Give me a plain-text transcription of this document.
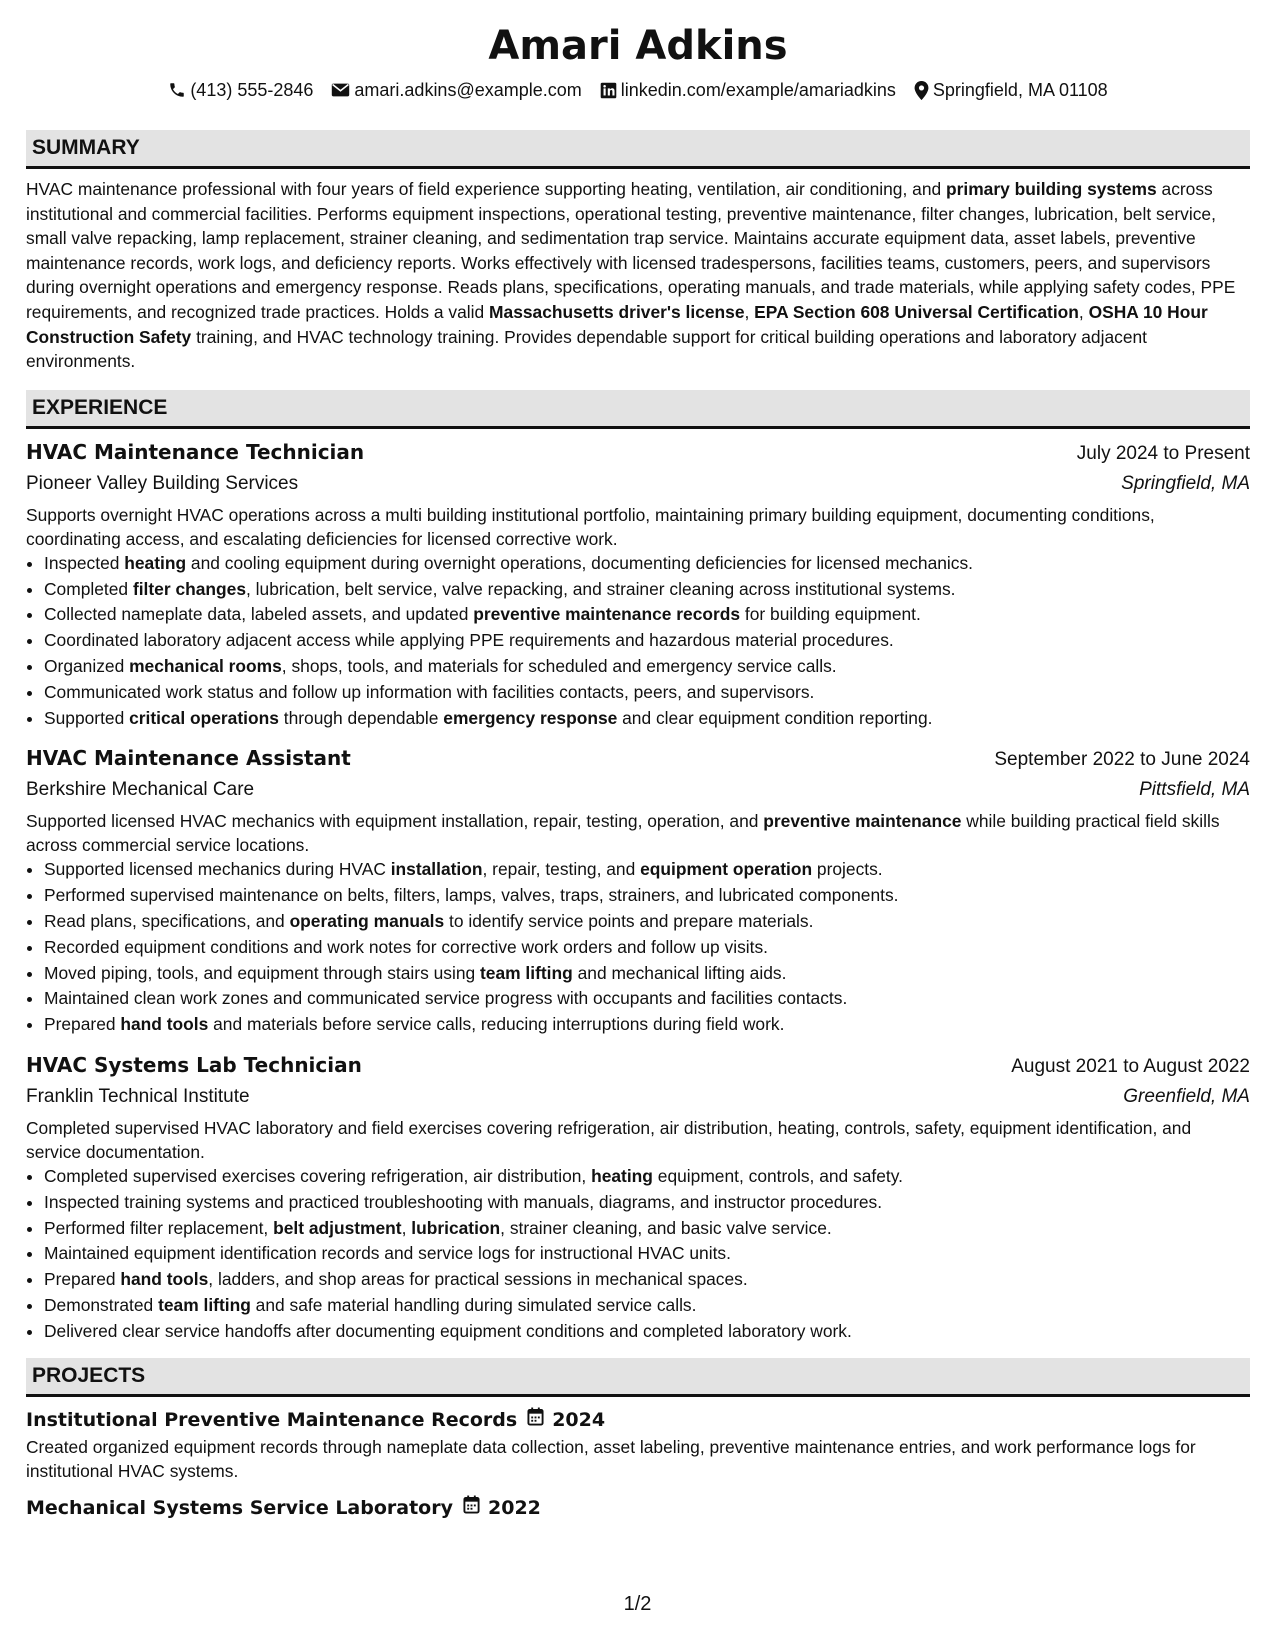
Amari Adkins
(413) 555-2846 amari.adkins@example.com linkedin.com/example/amariadkins Springfield, MA 01108
SUMMARY

HVAC maintenance professional with four years of field experience supporting heating, ventilation, air conditioning, and primary building systems across institutional and commercial facilities. Performs equipment inspections, operational testing, preventive maintenance, filter changes, lubrication, belt service, small valve repacking, lamp replacement, strainer cleaning, and sedimentation trap service. Maintains accurate equipment data, asset labels, preventive maintenance records, work logs, and deficiency reports. Works effectively with licensed tradespersons, facilities teams, customers, peers, and supervisors during overnight operations and emergency response. Reads plans, specifications, operating manuals, and trade materials, while applying safety codes, PPE requirements, and recognized trade practices. Holds a valid Massachusetts driver's license, EPA Section 608 Universal Certification, OSHA 10 Hour Construction Safety training, and HVAC technology training. Provides dependable support for critical building operations and laboratory adjacent environments.

EXPERIENCE
HVAC Maintenance Technician	July 2024 to Present
Pioneer Valley Building Services	Springfield, MA
Supports overnight HVAC operations across a multi building institutional portfolio, maintaining primary building equipment, documenting conditions, coordinating access, and escalating deficiencies for licensed corrective work.
• Inspected heating and cooling equipment during overnight operations, documenting deficiencies for licensed mechanics.
• Completed filter changes, lubrication, belt service, valve repacking, and strainer cleaning across institutional systems.
• Collected nameplate data, labeled assets, and updated preventive maintenance records for building equipment.
• Coordinated laboratory adjacent access while applying PPE requirements and hazardous material procedures.
• Organized mechanical rooms, shops, tools, and materials for scheduled and emergency service calls.
• Communicated work status and follow up information with facilities contacts, peers, and supervisors.
• Supported critical operations through dependable emergency response and clear equipment condition reporting.
HVAC Maintenance Assistant	September 2022 to June 2024
Berkshire Mechanical Care	Pittsfield, MA
Supported licensed HVAC mechanics with equipment installation, repair, testing, operation, and preventive maintenance while building practical field skills across commercial service locations.
• Supported licensed mechanics during HVAC installation, repair, testing, and equipment operation projects.
• Performed supervised maintenance on belts, filters, lamps, valves, traps, strainers, and lubricated components.
• Read plans, specifications, and operating manuals to identify service points and prepare materials.
• Recorded equipment conditions and work notes for corrective work orders and follow up visits.
• Moved piping, tools, and equipment through stairs using team lifting and mechanical lifting aids.
• Maintained clean work zones and communicated service progress with occupants and facilities contacts.
• Prepared hand tools and materials before service calls, reducing interruptions during field work.
HVAC Systems Lab Technician	August 2021 to August 2022
Franklin Technical Institute	Greenfield, MA
Completed supervised HVAC laboratory and field exercises covering refrigeration, air distribution, heating, controls, safety, equipment identification, and service documentation.
• Completed supervised exercises covering refrigeration, air distribution, heating equipment, controls, and safety.
• Inspected training systems and practiced troubleshooting with manuals, diagrams, and instructor procedures.
• Performed filter replacement, belt adjustment, lubrication, strainer cleaning, and basic valve service.
• Maintained equipment identification records and service logs for instructional HVAC units.
• Prepared hand tools, ladders, and shop areas for practical sessions in mechanical spaces.
• Demonstrated team lifting and safe material handling during simulated service calls.
• Delivered clear service handoffs after documenting equipment conditions and completed laboratory work.
PROJECTS
Institutional Preventive Maintenance Records 2024
Created organized equipment records through nameplate data collection, asset labeling, preventive maintenance entries, and work performance logs for institutional HVAC systems.
Mechanical Systems Service Laboratory 2022
1/2
